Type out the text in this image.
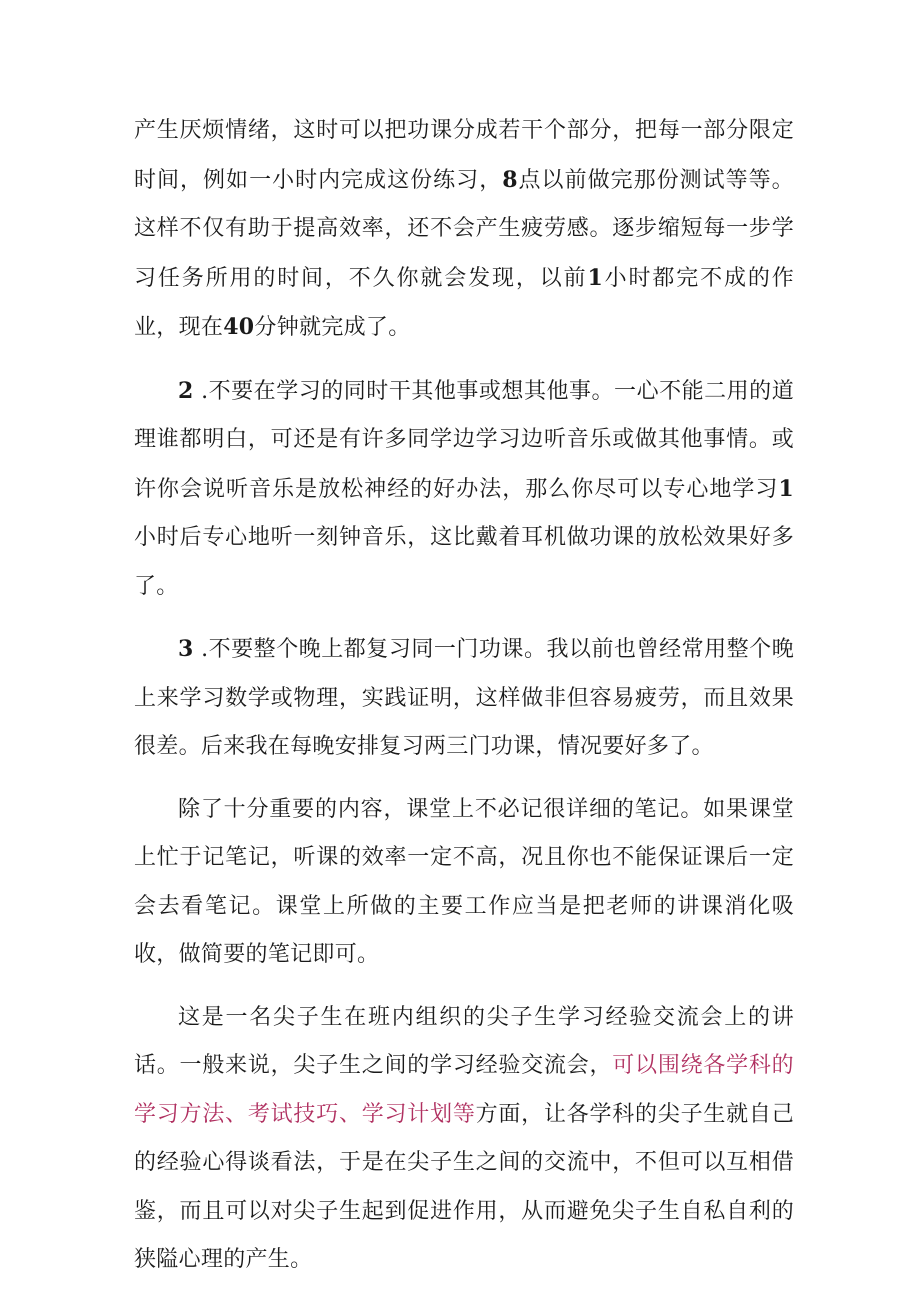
产生厌烦情绪，这时可以把功课分成若干个部分，把每一部分限定时间，例如一小时内完成这份练习，8点以前做完那份测试等等。这样不仅有助于提高效率，还不会产生疲劳感。逐步缩短每一步学习任务所用的时间，不久你就会发现，以前1小时都完不成的作业，现在40分钟就完成了。

2 .不要在学习的同时干其他事或想其他事。一心不能二用的道理谁都明白，可还是有许多同学边学习边听音乐或做其他事情。或许你会说听音乐是放松神经的好办法，那么你尽可以专心地学习1小时后专心地听一刻钟音乐，这比戴着耳机做功课的放松效果好多了。

3 .不要整个晚上都复习同一门功课。我以前也曾经常用整个晚上来学习数学或物理，实践证明，这样做非但容易疲劳，而且效果很差。后来我在每晚安排复习两三门功课，情况要好多了。

除了十分重要的内容，课堂上不必记很详细的笔记。如果课堂上忙于记笔记，听课的效率一定不高，况且你也不能保证课后一定会去看笔记。课堂上所做的主要工作应当是把老师的讲课消化吸收，做简要的笔记即可。

这是一名尖子生在班内组织的尖子生学习经验交流会上的讲话。一般来说，尖子生之间的学习经验交流会，可以围绕各学科的学习方法、考试技巧、学习计划等方面，让各学科的尖子生就自己的经验心得谈看法，于是在尖子生之间的交流中，不但可以互相借鉴，而且可以对尖子生起到促进作用，从而避免尖子生自私自利的狭隘心理的产生。
